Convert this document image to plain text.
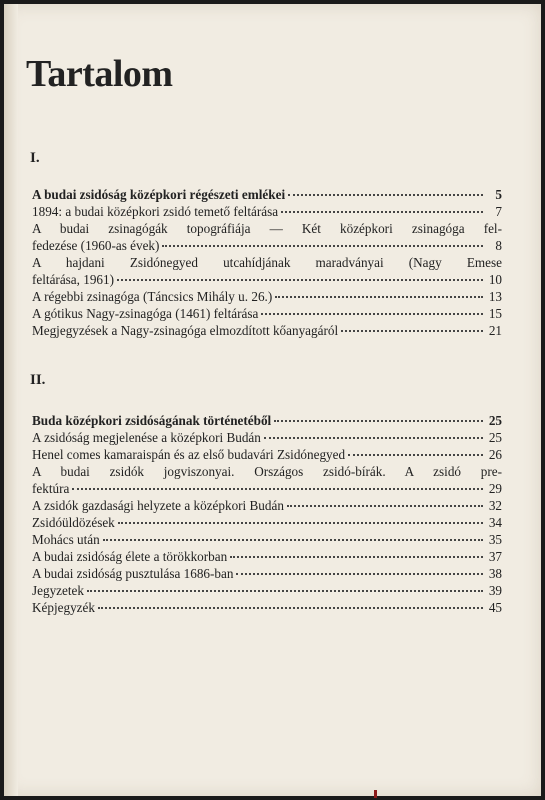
Tartalom
I.
A budai zsidóság középkori régészeti emlékei	5
1894: a budai középkori zsidó temető feltárása	7
A budai zsinagógák topográfiája — Két középkori zsinagóga fel-
fedezése (1960-as évek)	8
A hajdani Zsidónegyed utcahídjának maradványai (Nagy Emese
feltárása, 1961)	10
A régebbi zsinagóga (Táncsics Mihály u. 26.)	13
A gótikus Nagy-zsinagóga (1461) feltárása	15
Megjegyzések a Nagy-zsinagóga elmozdított kőanyagáról	21
II.
Buda középkori zsidóságának történetéből	25
A zsidóság megjelenése a középkori Budán	25
Henel comes kamaraispán és az első budavári Zsidónegyed	26
A budai zsidók jogviszonyai. Országos zsidó-bírák. A zsidó pre-
fektúra	29
A zsidók gazdasági helyzete a középkori Budán	32
Zsidóüldözések	34
Mohács után	35
A budai zsidóság élete a törökkorban	37
A budai zsidóság pusztulása 1686-ban	38
Jegyzetek	39
Képjegyzék	45
